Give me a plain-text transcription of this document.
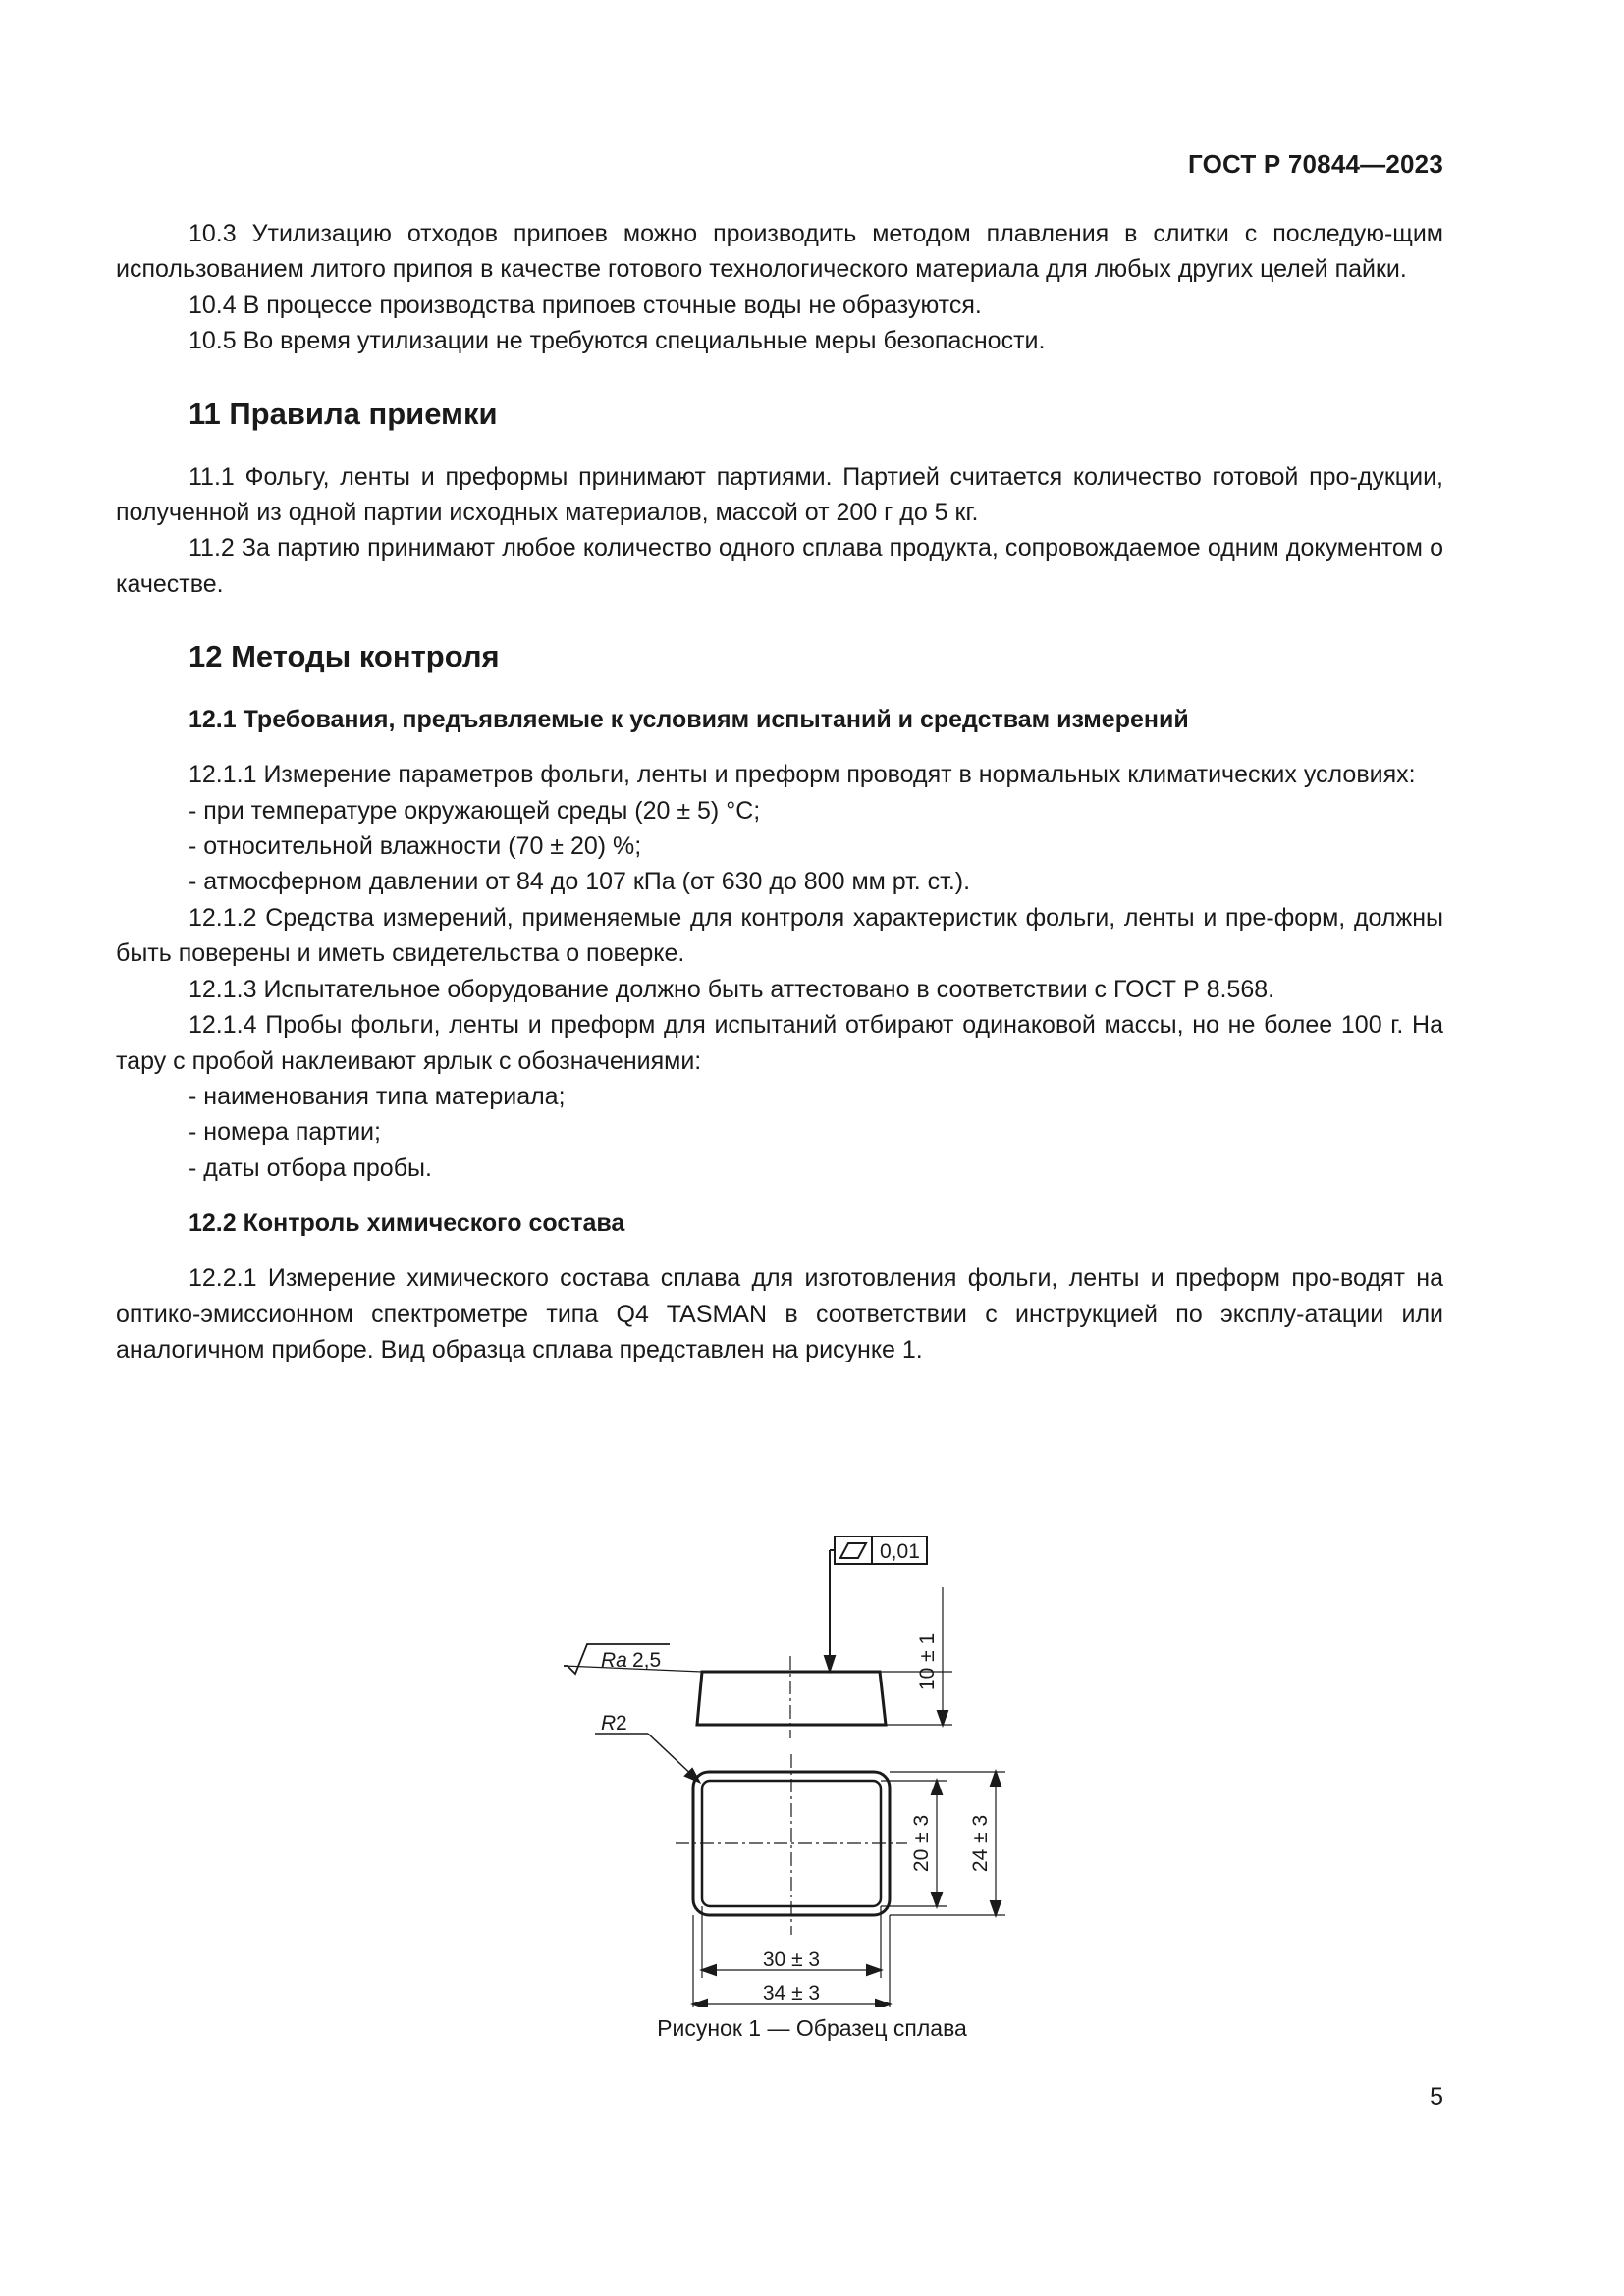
ГОСТ Р 70844—2023

10.3 Утилизацию отходов припоев можно производить методом плавления в слитки с последую-щим использованием литого припоя в качестве готового технологического материала для любых других целей пайки.

10.4 В процессе производства припоев сточные воды не образуются.

10.5 Во время утилизации не требуются специальные меры безопасности.

11 Правила приемки

11.1 Фольгу, ленты и преформы принимают партиями. Партией считается количество готовой про-дукции, полученной из одной партии исходных материалов, массой от 200 г до 5 кг.

11.2 За партию принимают любое количество одного сплава продукта, сопровождаемое одним документом о качестве.

12 Методы контроля
12.1 Требования, предъявляемые к условиям испытаний и средствам измерений

12.1.1 Измерение параметров фольги, ленты и преформ проводят в нормальных климатических условиях:

- при температуре окружающей среды (20 ± 5) °С;

- относительной влажности (70 ± 20) %;

- атмосферном давлении от 84 до 107 кПа (от 630 до 800 мм рт. ст.).

12.1.2 Средства измерений, применяемые для контроля характеристик фольги, ленты и пре-форм, должны быть поверены и иметь свидетельства о поверке.

12.1.3 Испытательное оборудование должно быть аттестовано в соответствии с ГОСТ Р 8.568.

12.1.4 Пробы фольги, ленты и преформ для испытаний отбирают одинаковой массы, но не более 100 г. На тару с пробой наклеивают ярлык с обозначениями:

- наименования типа материала;

- номера партии;

- даты отбора пробы.

12.2 Контроль химического состава

12.2.1 Измерение химического состава сплава для изготовления фольги, ленты и преформ про-водят на оптико-эмиссионном спектрометре типа Q4 TASMAN в соответствии с инструкцией по эксплу-атации или аналогичном приборе. Вид образца сплава представлен на рисунке 1.

0,01
Ra 2,5	10 ± 1
R 2
20 ± 3 24 ± 3
30 ± 3
34 ± 3
Рисунок 1 — Образец сплава
5
